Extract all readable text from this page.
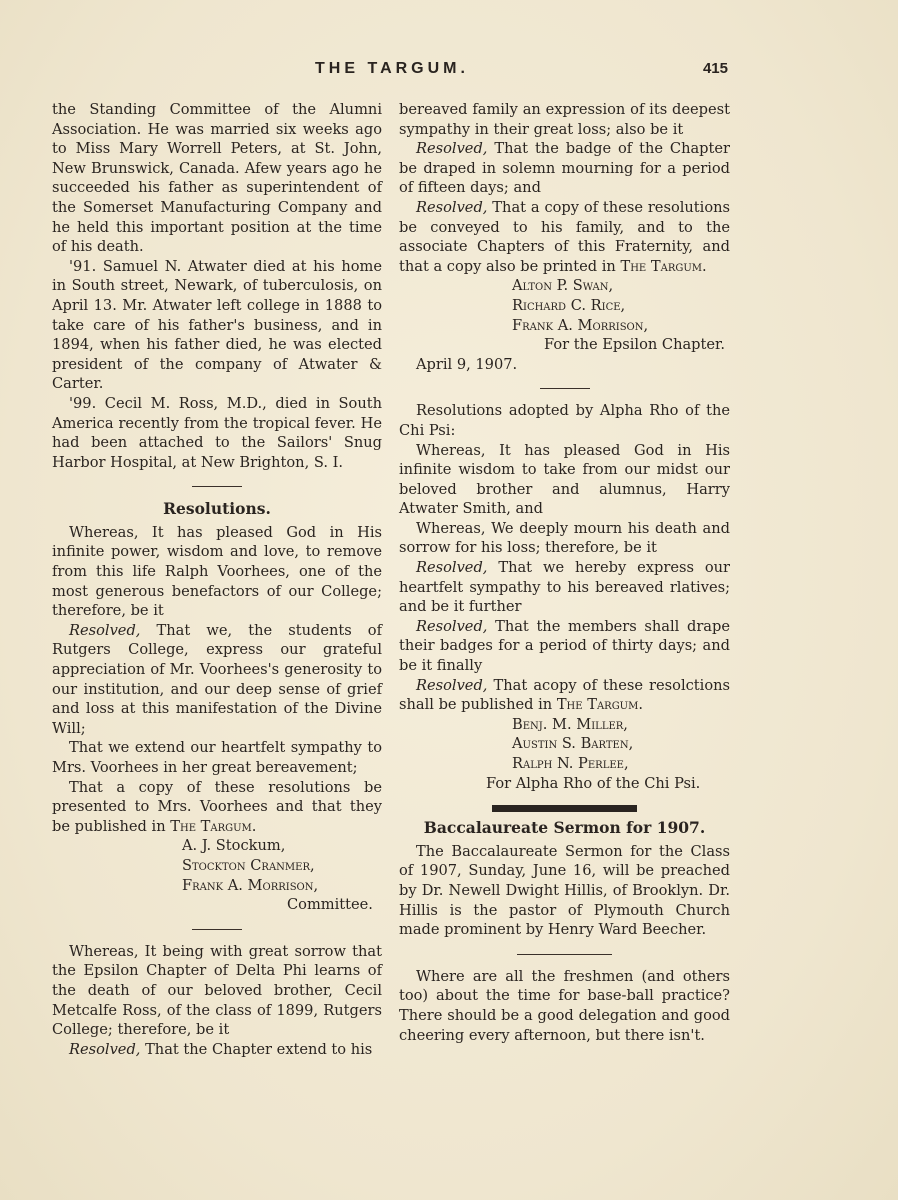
THE TARGUM.	415

the Standing Committee of the Alumni Association. He was married six weeks ago to Miss Mary Worrell Peters, at St. John, New Brunswick, Canada. Afew years ago he succeeded his father as superintendent of the Somerset Manufacturing Company and he held this important position at the time of his death.

'91. Samuel N. Atwater died at his home in South street, Newark, of tuberculosis, on April 13. Mr. Atwater left college in 1888 to take care of his father's business, and in 1894, when his father died, he was elected president of the company of Atwater & Carter.

'99. Cecil M. Ross, M.D., died in South America recently from the tropical fever. He had been attached to the Sailors' Snug Harbor Hospital, at New Brighton, S. I.

Resolutions.

Whereas, It has pleased God in His infinite power, wisdom and love, to remove from this life Ralph Voorhees, one of the most generous benefactors of our College; therefore, be it

Resolved, That we, the students of Rutgers College, express our grateful appreciation of Mr. Voorhees's generosity to our institution, and our deep sense of grief and loss at this manifestation of the Divine Will;

That we extend our heartfelt sympathy to Mrs. Voorhees in her great bereavement;

That a copy of these resolutions be presented to Mrs. Voorhees and that they be published in The Targum.

A. J. Stockum,
Stockton Cranmer,
Frank A. Morrison,
Committee.

Whereas, It being with great sorrow that the Epsilon Chapter of Delta Phi learns of the death of our beloved brother, Cecil Metcalfe Ross, of the class of 1899, Rutgers College; therefore, be it

Resolved, That the Chapter extend to his

bereaved family an expression of its deepest sympathy in their great loss; also be it

Resolved, That the badge of the Chapter be draped in solemn mourning for a period of fifteen days; and

Resolved, That a copy of these resolutions be conveyed to his family, and to the associate Chapters of this Fraternity, and that a copy also be printed in The Targum.

Alton P. Swan,
Richard C. Rice,
Frank A. Morrison,
For the Epsilon Chapter.
April 9, 1907.

Resolutions adopted by Alpha Rho of the Chi Psi:

Whereas, It has pleased God in His infinite wisdom to take from our midst our beloved brother and alumnus, Harry Atwater Smith, and

Whereas, We deeply mourn his death and sorrow for his loss; therefore, be it

Resolved, That we hereby express our heartfelt sympathy to his bereaved rlatives; and be it further

Resolved, That the members shall drape their badges for a period of thirty days; and be it finally

Resolved, That acopy of these resolctions shall be published in The Targum.

Benj. M. Miller,
Austin S. Barten,
Ralph N. Perlee,
For Alpha Rho of the Chi Psi.
Baccalaureate Sermon for 1907.

The Baccalaureate Sermon for the Class of 1907, Sunday, June 16, will be preached by Dr. Newell Dwight Hillis, of Brooklyn. Dr. Hillis is the pastor of Plymouth Church made prominent by Henry Ward Beecher.

Where are all the freshmen (and others too) about the time for base-ball practice? There should be a good delegation and good cheering every afternoon, but there isn't.
